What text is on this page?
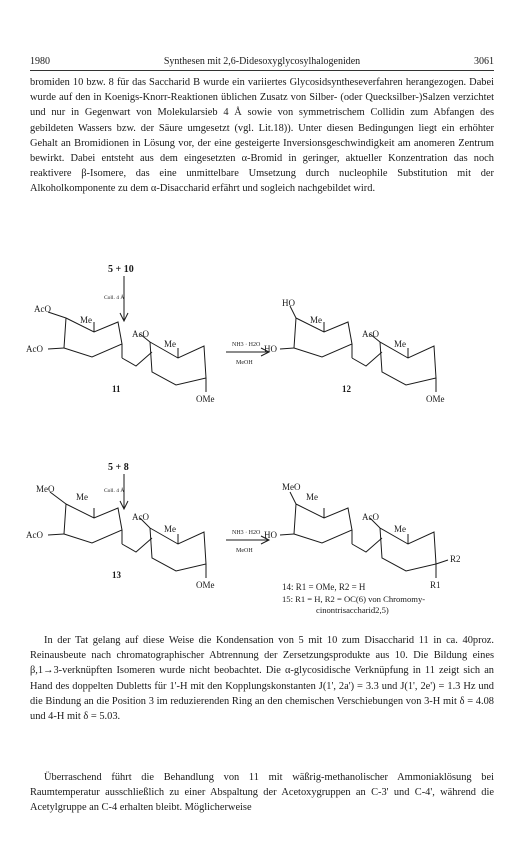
1980	Synthesen mit 2,6-Didesoxyglycosylhalogeniden	3061

bromiden 10 bzw. 8 für das Saccharid B wurde ein variiertes Glycosidsyntheseverfahren herangezogen. Dabei wurde auf den in Koenigs-Knorr-Reaktionen üblichen Zusatz von Silber- (oder Quecksilber-)Salzen verzichtet und nur in Gegenwart von Molekularsieb 4 Å sowie von symmetrischem Collidin zum Abfangen des gebildeten Wassers bzw. der Säure umgesetzt (vgl. Lit.18)). Unter diesen Bedingungen liegt ein erhöhter Gehalt an Bromidionen in Lösung vor, der eine gesteigerte Inversionsgeschwindigkeit am anomeren Zentrum bewirkt. Dabei entsteht aus dem eingesetzten α-Bromid in geringer, aktueller Konzentration das noch reaktivere β-Isomere, das eine unmittelbare Umsetzung durch nucleophile Substitution mit der Alkoholkomponente zu dem α-Disaccharid erfährt und sogleich nachgebildet wird.

5 + 10
Coll. 4 Å
AcO
Me
AcO
AcO
Me
OMe
11
NH3 · H2O
MeOH
HO
Me
HO
AcO
Me
OMe
12
5 + 8
Coll. 4 Å
MeO
Me
AcO
AcO
Me
OMe
13
NH3 · H2O
MeOH
MeO
Me
HO
AcO
Me
R2
R1
14: R1 = OMe, R2 = H
15: R1 = H, R2 = OC(6) von Chromomy- cinontrisaccharid2,5)

In der Tat gelang auf diese Weise die Kondensation von 5 mit 10 zum Disaccharid 11 in ca. 40proz. Reinausbeute nach chromatographischer Abtrennung der Zersetzungsprodukte aus 10. Die Bildung eines β,1→3-verknüpften Isomeren wurde nicht beobachtet. Die α-glycosidische Verknüpfung in 11 zeigt sich an Hand des doppelten Dubletts für 1'-H mit den Kopplungskonstanten J(1', 2a') = 3.3 und J(1', 2e') = 1.3 Hz und die Bindung an die Position 3 im reduzierenden Ring an den chemischen Verschiebungen von 3-H mit δ = 4.08 und 4-H mit δ = 5.03.

Überraschend führt die Behandlung von 11 mit wäßrig-methanolischer Ammoniaklösung bei Raumtemperatur ausschließlich zu einer Abspaltung der Acetoxygruppen an C-3' und C-4', während die Acetylgruppe an C-4 erhalten bleibt. Möglicherweise
